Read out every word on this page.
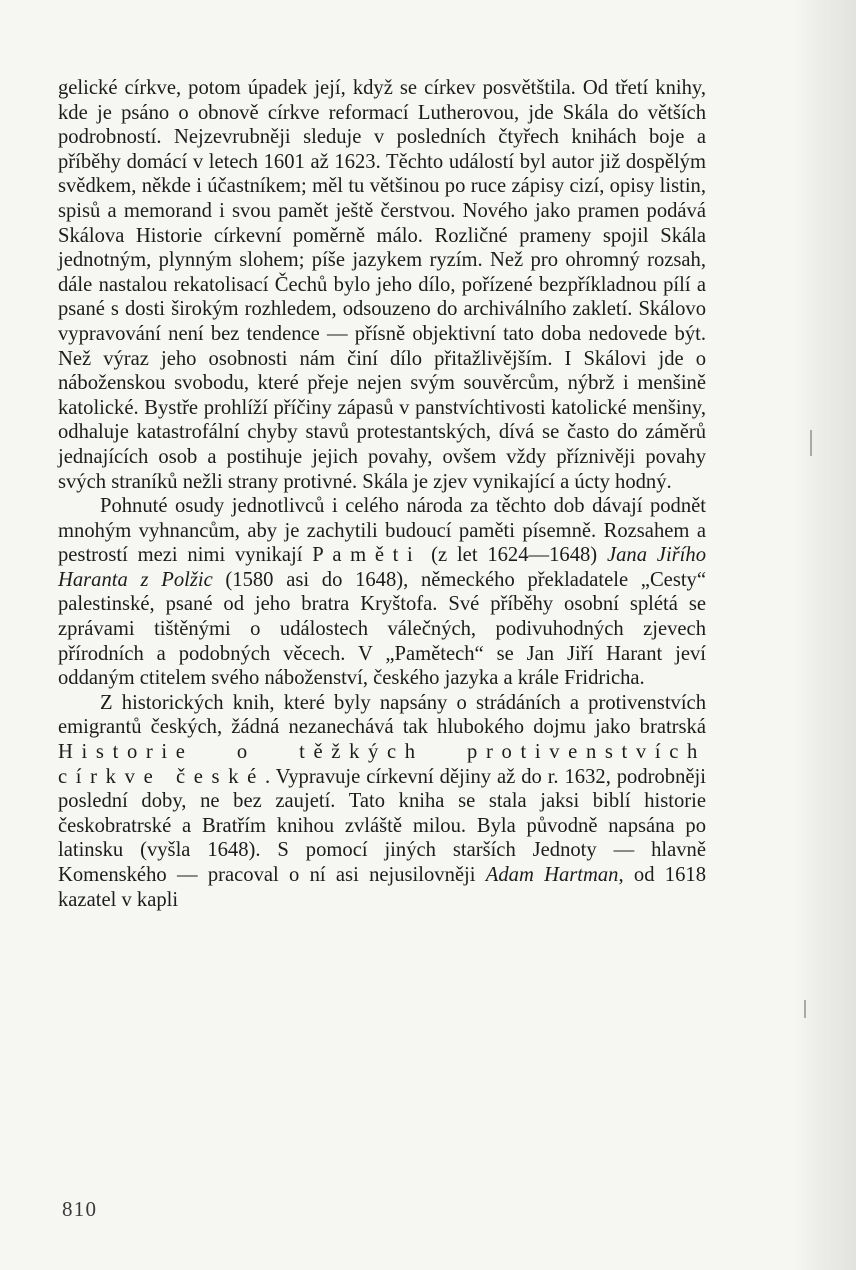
gelické církve, potom úpadek její, když se církev posvětštila. Od třetí knihy, kde je psáno o obnově církve reformací Lutherovou, jde Skála do větších podrobností. Nejzevrubněji sleduje v posledních čtyřech knihách boje a příběhy domácí v letech 1601 až 1623. Těchto událostí byl autor již dospělým svědkem, někde i účastníkem; měl tu většinou po ruce zápisy cizí, opisy listin, spisů a memorand i svou pamět ještě čerstvou. Nového jako pramen podává Skálova Historie církevní poměrně málo. Rozličné prameny spojil Skála jednotným, plynným slohem; píše jazykem ryzím. Než pro ohromný rozsah, dále nastalou rekatolisací Čechů bylo jeho dílo, pořízené bezpříkladnou pílí a psané s dosti širokým rozhledem, odsouzeno do archiválního zakletí. Skálovo vypravování není bez tendence — přísně objektivní tato doba nedovede být. Než výraz jeho osobnosti nám činí dílo přitažlivějším. I Skálovi jde o náboženskou svobodu, které přeje nejen svým souvěrcům, nýbrž i menšině katolické. Bystře prohlíží příčiny zápasů v panstvíchtivosti katolické menšiny, odhaluje katastrofální chyby stavů protestantských, dívá se často do záměrů jednajících osob a postihuje jejich povahy, ovšem vždy příznivěji povahy svých straníků nežli strany protivné. Skála je zjev vynikající a úcty hodný.

Pohnuté osudy jednotlivců i celého národa za těchto dob dávají podnět mnohým vyhnancům, aby je zachytili budoucí paměti písemně. Rozsahem a pestrostí mezi nimi vynikají Paměti (z let 1624—1648) Jana Jiřího Haranta z Polžic (1580 asi do 1648), německého překladatele „Cesty“ palestinské, psané od jeho bratra Kryštofa. Své příběhy osobní splétá se zprávami tištěnými o událostech válečných, podivuhodných zjevech přírodních a podobných věcech. V „Pamětech“ se Jan Jiří Harant jeví oddaným ctitelem svého náboženství, českého jazyka a krále Fridricha.

Z historických knih, které byly napsány o strádáních a protivenstvích emigrantů českých, žádná nezanechává tak hlubokého dojmu jako bratrská Historie o těžkých protivenstvích církve české. Vypravuje církevní dějiny až do r. 1632, podrobněji poslední doby, ne bez zaujetí. Tato kniha se stala jaksi biblí historie českobratrské a Bratřím knihou zvláště milou. Byla původně napsána po latinsku (vyšla 1648). S pomocí jiných starších Jednoty — hlavně Komenského — pracoval o ní asi nejusilovněji Adam Hartman, od 1618 kazatel v kapli

810
